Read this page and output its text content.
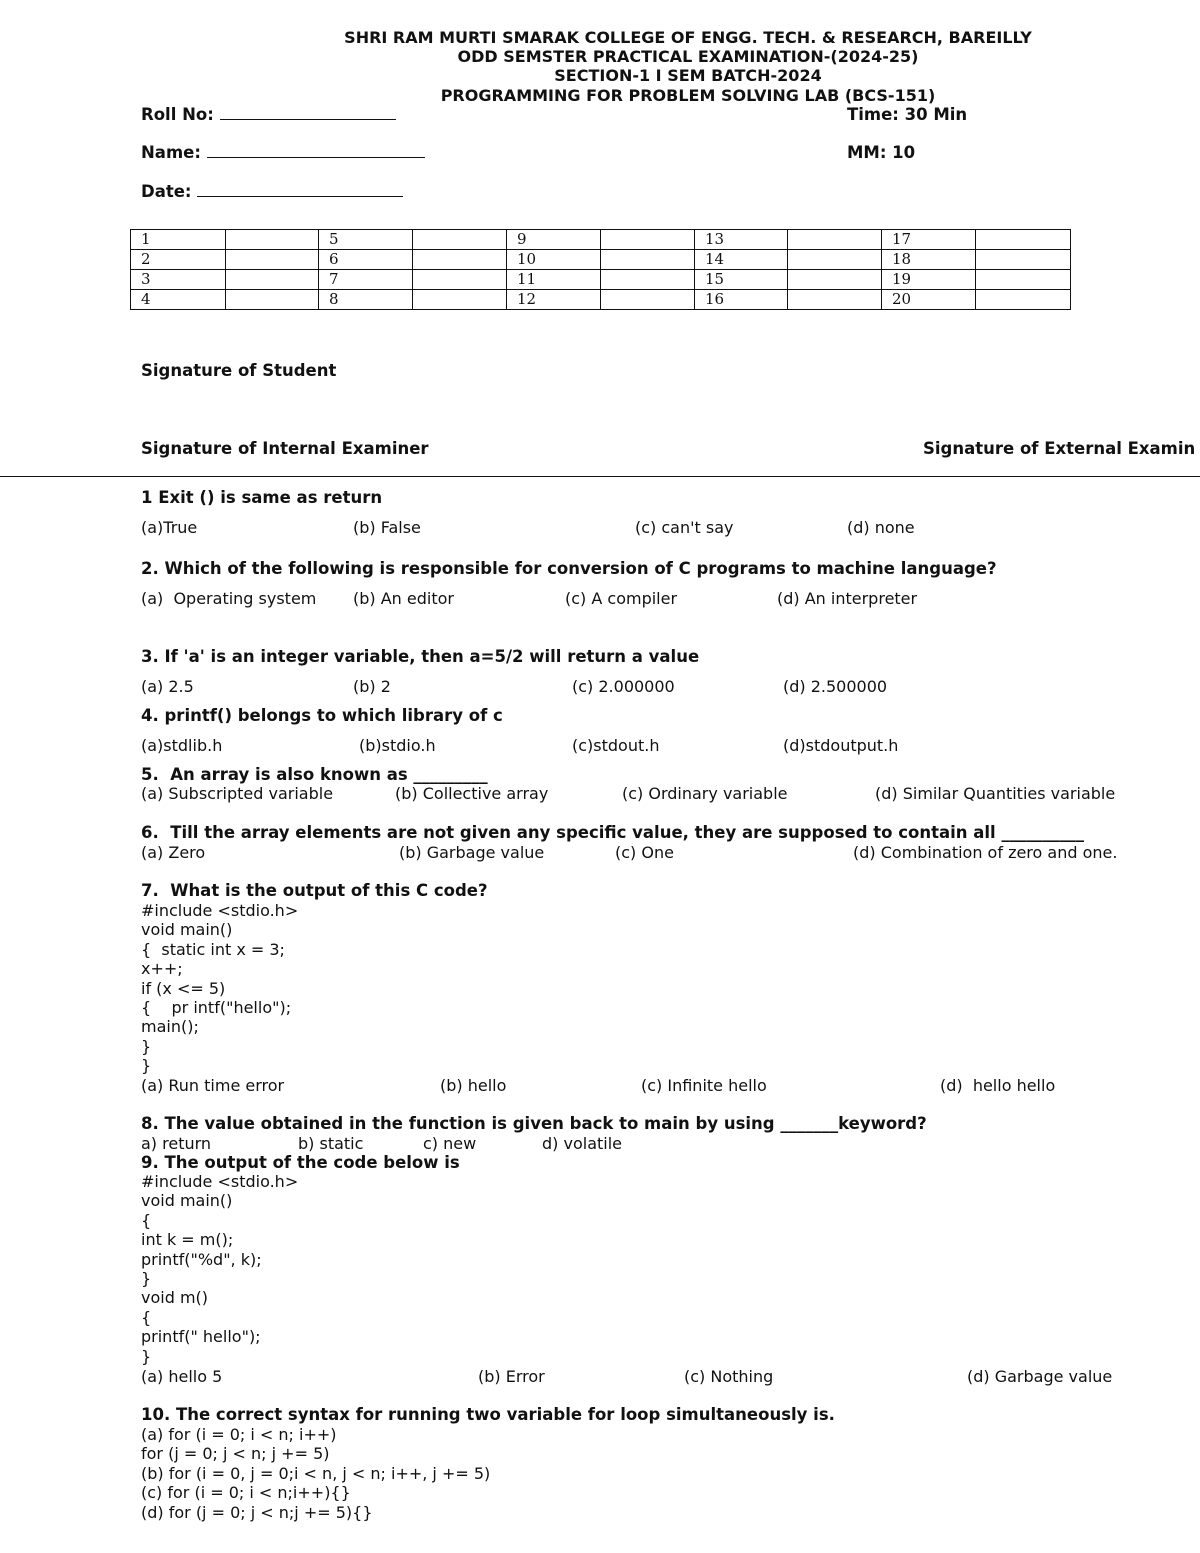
SHRI RAM MURTI SMARAK COLLEGE OF ENGG. TECH. & RESEARCH, BAREILLY
ODD SEMSTER PRACTICAL EXAMINATION-(2024-25)
SECTION-1 I SEM BATCH-2024
PROGRAMMING FOR PROBLEM SOLVING LAB (BCS-151)
Roll No:	Time: 30 Min
Name:	MM: 10
Date:
1		5		9		13		17	
2		6		10		14		18	
3		7		11		15		19	
4		8		12		16		20	
Signature of Student
Signature of Internal Examiner	Signature of External Examin
1 Exit () is same as return
(a)True	(b) False	(c) can't say	(d) none
2. Which of the following is responsible for conversion of C programs to machine language?
(a)  Operating system (b) An editor	(c) A compiler	(d) An interpreter
3. If 'a' is an integer variable, then a=5/2 will return a value
(a) 2.5	(b) 2	(c) 2.000000	(d) 2.500000
4. printf() belongs to which library of c
(a)stdlib.h	(b)stdio.h	(c)stdout.h	(d)stdoutput.h
5.  An array is also known as _________
(a) Subscripted variable	(b) Collective array	(c) Ordinary variable	(d) Similar Quantities variable
6.  Till the array elements are not given any specific value, they are supposed to contain all __________
(a) Zero	(b) Garbage value	(c) One	(d) Combination of zero and one.
7.  What is the output of this C code?
#include <stdio.h>
void main()
{  static int x = 3;
x++;
if (x <= 5)
{    pr intf("hello");
main();
}
}
(a) Run time error	(b) hello	(c) Infinite hello	(d)  hello hello
8. The value obtained in the function is given back to main by using _______keyword?
a) return	b) static	c) new	d) volatile
9. The output of the code below is
#include <stdio.h>
void main()
{
int k = m();
printf("%d", k);
}
void m()
{
printf(" hello");
}
(a) hello 5	(b) Error	(c) Nothing	(d) Garbage value
10. The correct syntax for running two variable for loop simultaneously is.
(a) for (i = 0; i < n; i++)
for (j = 0; j < n; j += 5)
(b) for (i = 0, j = 0;i < n, j < n; i++, j += 5)
(c) for (i = 0; i < n;i++){}
(d) for (j = 0; j < n;j += 5){}
